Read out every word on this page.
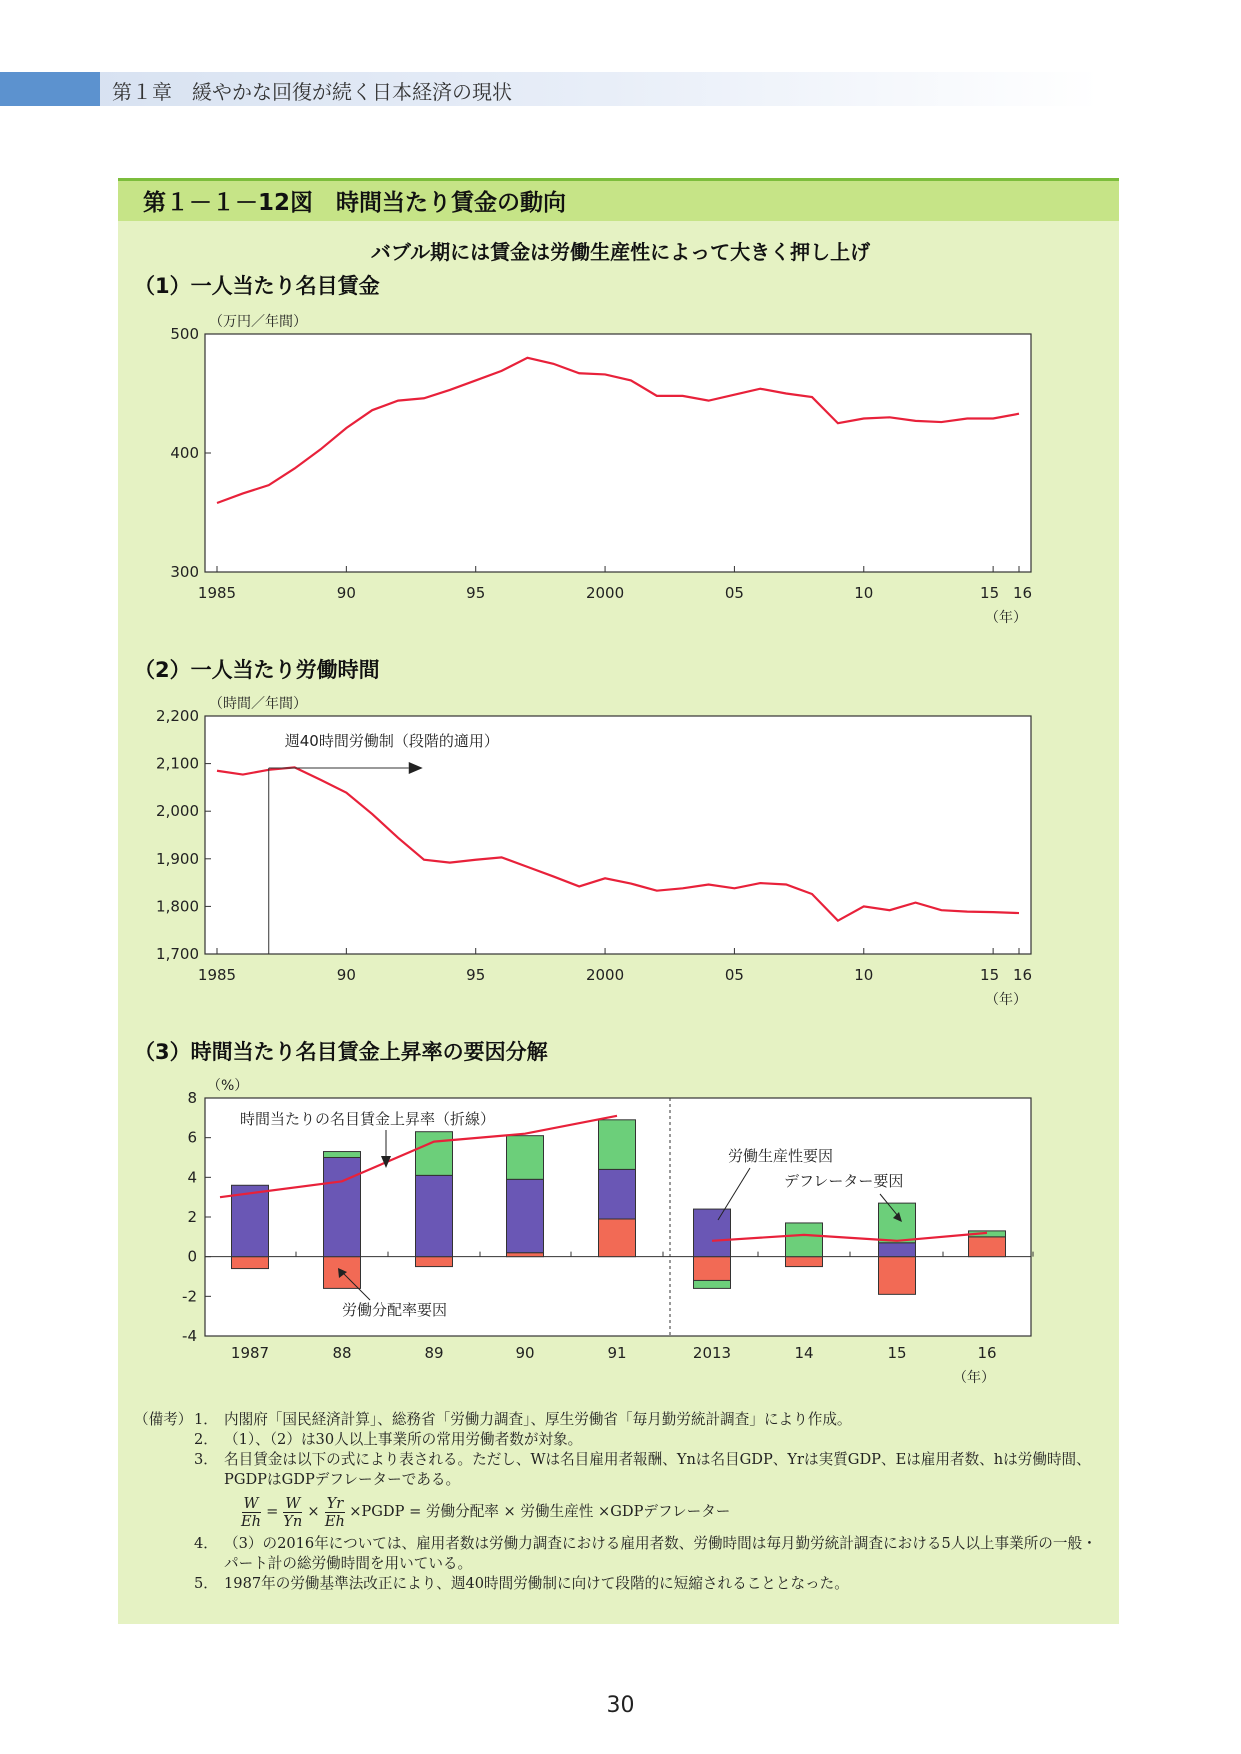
第１章　緩やかな回復が続く日本経済の現状
第１－１－12図　時間当たり賃金の動向
バブル期には賃金は労働生産性によって大きく押し上げ
（1）一人当たり名目賃金
（2）一人当たり労働時間
（3）時間当たり名目賃金上昇率の要因分解
500
400
300
（万円／年間）
1985	90	95	2000	05	10	15 16
（年）
2,200
2,100
2,000
1,900
1,800
1,700
（時間／年間）
1985	90	95	2000	05	10	15 16
（年）
週40時間労働制（段階的適用）
8
6
4
2
0
-2
-4
（%）
1987	88	89	90	91	2013	14	15	16
（年）
時間当たりの名目賃金上昇率（折線）
労働生産性要因
デフレーター要因
労働分配率要因
（備考） 1． 内閣府「国民経済計算」、総務省「労働力調査」、厚生労働省「毎月勤労統計調査」により作成。
2． （1）、（2）は30人以上事業所の常用労働者数が対象。
3． 名目賃金は以下の式により表される。ただし、Wは名目雇用者報酬、Ynは名目GDP、Yrは実質GDP、Eは雇用者数、hは労働時間、PGDPはGDPデフレーターである。
$\frac{W}{Eh} = \frac{W}{Yn} \times \frac{Yr}{Eh}$ ×PGDP = 労働分配率 × 労働生産性 ×GDPデフレーター
4． （3）の2016年については、雇用者数は労働力調査における雇用者数、労働時間は毎月勤労統計調査における5人以上事業所の一般・パート計の総労働時間を用いている。
5． 1987年の労働基準法改正により、週40時間労働制に向けて段階的に短縮されることとなった。
30
